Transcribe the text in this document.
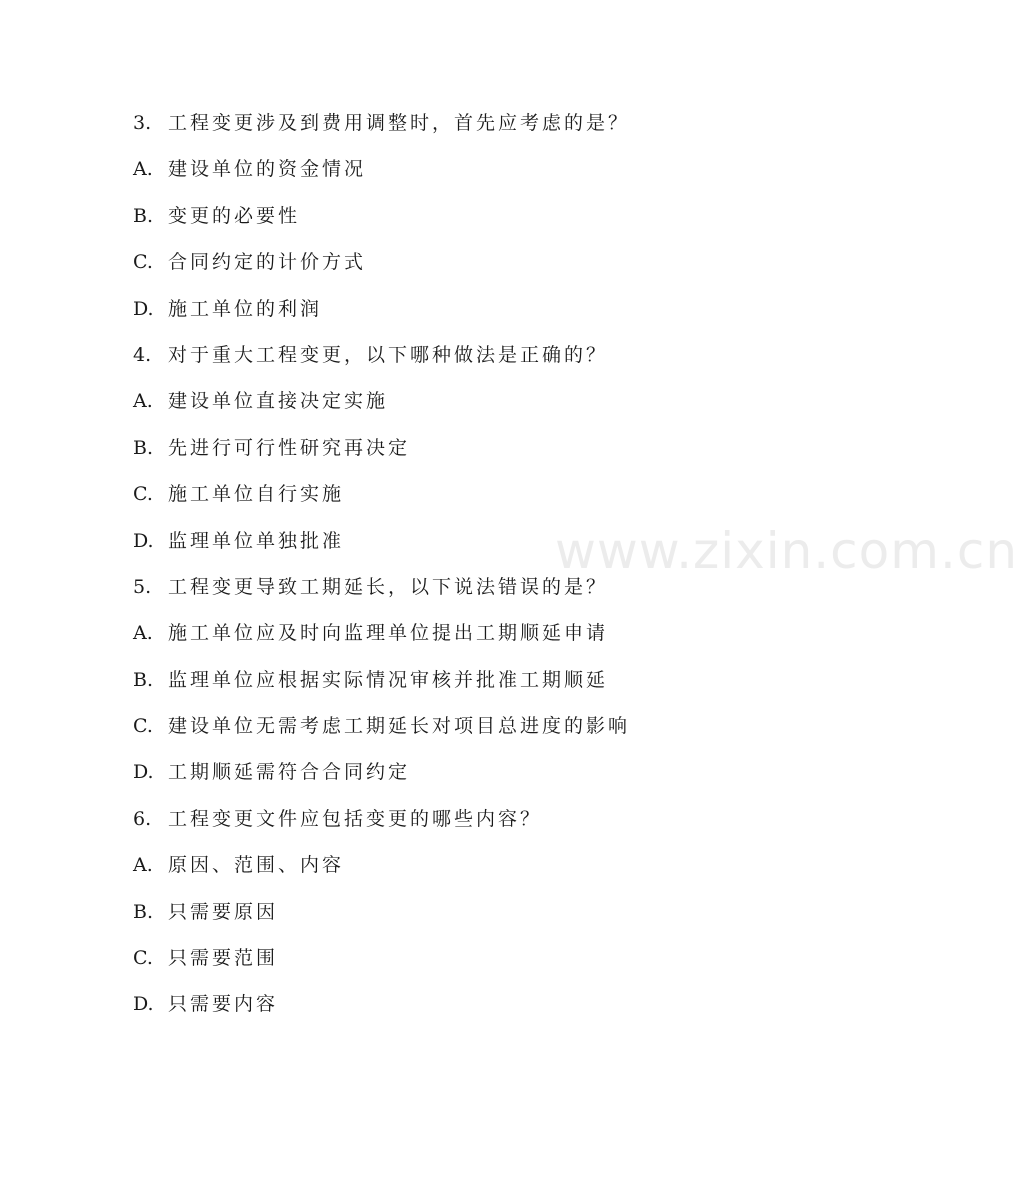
www.zixin.com.cn
3. 工程变更涉及到费用调整时，首先应考虑的是？
A. 建设单位的资金情况
B. 变更的必要性
C. 合同约定的计价方式
D. 施工单位的利润
4. 对于重大工程变更，以下哪种做法是正确的？
A. 建设单位直接决定实施
B. 先进行可行性研究再决定
C. 施工单位自行实施
D. 监理单位单独批准
5. 工程变更导致工期延长，以下说法错误的是？
A. 施工单位应及时向监理单位提出工期顺延申请
B. 监理单位应根据实际情况审核并批准工期顺延
C. 建设单位无需考虑工期延长对项目总进度的影响
D. 工期顺延需符合合同约定
6. 工程变更文件应包括变更的哪些内容？
A. 原因、范围、内容
B. 只需要原因
C. 只需要范围
D. 只需要内容
